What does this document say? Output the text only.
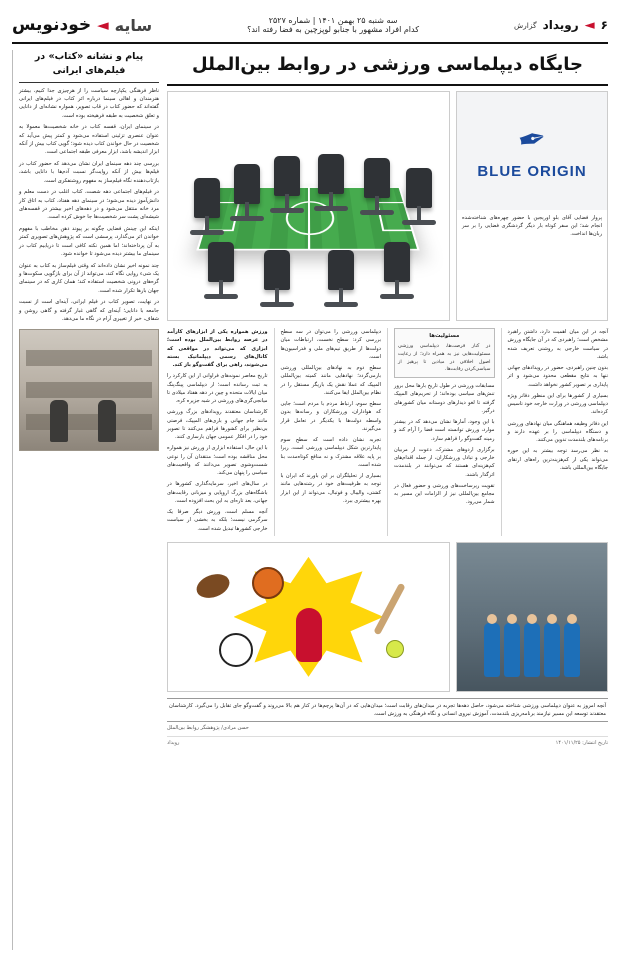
۶
◄
رویداد
گزارش
سه شنبه ۲۵ بهمن ۱۴۰۱ | شماره ۲۵۲۷
کدام افراد مشهور با جنابو لوپزچین به فضا رفته اند؟
سایه
◄
خودنویس
جایگاه دیپلماسی ورزشی در روابط بین‌الملل
✒
BLUE ORIGIN
پرواز فضایی آقای بلو اوریجین با حضور چهره‌های شناخته‌شده انجام شد؛ این سفر کوتاه بار دیگر گردشگری فضایی را بر سر زبان‌ها انداخت.

ورزش همواره یکی از ابزارهای کارآمد در عرصه روابط بین‌الملل بوده است؛ ابزاری که می‌تواند در مواقعی که کانال‌های رسمی دیپلماتیک بسته می‌شوند، راهی برای گفت‌وگو باز کند.

تاریخ معاصر نمونه‌های فراوانی از این کارکرد را به ثبت رسانده است؛ از دیپلماسی پینگ‌پنگ میان ایالات متحده و چین در دهه هفتاد میلادی تا میانجی‌گری‌های ورزشی در شبه جزیره کره.

کارشناسان معتقدند رویدادهای بزرگ ورزشی مانند جام جهانی و بازی‌های المپیک، فرصتی بی‌نظیر برای کشورها فراهم می‌کنند تا تصویر خود را در افکار عمومی جهان بازسازی کنند.

با این حال، استفاده ابزاری از ورزش نیز همواره محل مناقشه بوده است؛ منتقدان آن را نوعی شست‌وشوی تصویر می‌دانند که واقعیت‌های سیاسی را پنهان می‌کند.

در سال‌های اخیر، سرمایه‌گذاری کشورها در باشگاه‌های بزرگ اروپایی و میزبانی رقابت‌های جهانی، بعد تازه‌ای به این بحث افزوده است.

آنچه مسلم است، ورزش دیگر صرفا یک سرگرمی نیست؛ بلکه به بخشی از سیاست خارجی کشورها تبدیل شده است.

دیپلماسی ورزشی را می‌توان در سه سطح بررسی کرد: سطح نخست، ارتباطات میان دولت‌ها از طریق تیم‌های ملی و فدراسیون‌ها است.

سطح دوم به نهادهای بین‌المللی ورزشی بازمی‌گردد؛ نهادهایی مانند کمیته بین‌المللی المپیک که عملا نقش یک بازیگر مستقل را در نظام بین‌الملل ایفا می‌کنند.

سطح سوم، ارتباط مردم با مردم است؛ جایی که هواداران، ورزشکاران و رسانه‌ها بدون واسطه دولت‌ها با یکدیگر در تعامل قرار می‌گیرند.

تجربه نشان داده است که سطح سوم پایدارترین شکل دیپلماسی ورزشی است، زیرا بر پایه علاقه مشترک و نه منافع کوتاه‌مدت بنا شده است.

بسیاری از تحلیلگران بر این باورند که ایران با توجه به ظرفیت‌های خود در رشته‌هایی مانند کشتی، والیبال و فوتبال، می‌تواند از این ابزار بهره بیشتری ببرد.

مسئولیت‌ها
در کنار فرصت‌ها، دیپلماسی ورزشی مسئولیت‌هایی نیز به همراه دارد؛ از رعایت اصول اخلاقی در میادین تا پرهیز از سیاسی‌کردن رقابت‌ها.

مسابقات ورزشی در طول تاریخ بارها محل بروز تنش‌های سیاسی بوده‌اند؛ از تحریم‌های المپیک گرفته تا لغو دیدارهای دوستانه میان کشورهای درگیر.

با این وجود، آمارها نشان می‌دهد که در بیشتر موارد، ورزش توانسته است فضا را آرام کند و زمینه گفت‌وگو را فراهم سازد.

برگزاری اردوهای مشترک، دعوت از مربیان خارجی و تبادل ورزشکاران، از جمله اقدام‌های کم‌هزینه‌ای هستند که می‌توانند در بلندمدت اثرگذار باشند.

تقویت زیرساخت‌های ورزشی و حضور فعال در مجامع بین‌المللی نیز از الزامات این مسیر به شمار می‌رود.

آنچه در این میان اهمیت دارد، داشتن راهبرد مشخص است؛ راهبردی که در آن جایگاه ورزش در سیاست خارجی به روشنی تعریف شده باشد.

بدون چنین راهبردی، حضور در رویدادهای جهانی تنها به نتایج مقطعی محدود می‌شود و اثر پایداری بر تصویر کشور نخواهد داشت.

بسیاری از کشورها برای این منظور دفاتر ویژه دیپلماسی ورزشی در وزارت خارجه خود تاسیس کرده‌اند.

این دفاتر وظیفه هماهنگی میان نهادهای ورزشی و دستگاه دیپلماسی را بر عهده دارند و برنامه‌های بلندمدت تدوین می‌کنند.

به نظر می‌رسد توجه بیشتر به این حوزه می‌تواند یکی از کم‌هزینه‌ترین راه‌های ارتقای جایگاه بین‌المللی باشد.

آنچه امروز به عنوان دیپلماسی ورزشی شناخته می‌شود، حاصل دهه‌ها تجربه در میدان‌های رقابت است؛ میدان‌هایی که در آن‌ها پرچم‌ها در کنار هم بالا می‌روند و گفت‌وگو جای تقابل را می‌گیرد. کارشناسان معتقدند توسعه این مسیر نیازمند برنامه‌ریزی بلندمدت، آموزش نیروی انسانی و نگاه فرهنگی به ورزش است.
حسن مرادی/ پژوهشگر روابط بین‌الملل
تاریخ انتشار: ۱۴۰۱/۱۱/۲۵
رویداد
پیام و نشانه «کتاب» در فیلم‌های ایرانی

ناظر فرهنگی یکپارچه سیاست را از هرچیزی جدا کنیم، بیشتر هنرمندان و اهالی سینما درباره اثر کتاب در فیلم‌های ایرانی گفته‌اند که حضور کتاب در قاب تصویر، همواره نشانه‌ای از دانایی و تعلق شخصیت به طبقه فرهیخته بوده است.

در سینمای ایران، قفسه کتاب در خانه شخصیت‌ها معمولا به عنوان عنصری تزئینی استفاده می‌شود و کمتر پیش می‌آید که شخصیت در حال خواندن کتاب دیده شود؛ گویی کتاب بیش از آنکه ابزار اندیشه باشد، ابزار معرفی طبقه اجتماعی است.

بررسی چند دهه سینمای ایران نشان می‌دهد که حضور کتاب در فیلم‌ها بیش از آنکه روایت‌گر نسبت آدم‌ها با دانایی باشد، بازتاب‌دهنده نگاه فیلم‌ساز به مفهوم روشنفکری است.

در فیلم‌های اجتماعی دهه شصت، کتاب اغلب در دست معلم و دانش‌آموز دیده می‌شود؛ در سینمای دهه هفتاد، کتاب به اتاق کار مرد خانه منتقل می‌شود و در دهه‌های اخیر بیشتر در قفسه‌های شیشه‌ای پشت سر شخصیت‌ها جا خوش کرده است.

اینکه این چینش فضایی چگونه بر پیوند ذهن مخاطب با مفهوم خواندن اثر می‌گذارد، پرسشی است که پژوهش‌های تصویری کمتر به آن پرداخته‌اند؛ اما همین نکته کافی است تا دریابیم کتاب در سینمای ما بیشتر دیده می‌شود تا خوانده شود.

چند نمونه اخیر نشان داده‌اند که وقتی فیلم‌ساز به کتاب به عنوان یک شیء روایی نگاه کند، می‌تواند از آن برای بازگویی سکوت‌ها و گره‌های درونی شخصیت استفاده کند؛ همان کاری که در سینمای جهان بارها تکرار شده است.

در نهایت، تصویر کتاب در فیلم ایرانی، آینه‌ای است از نسبت جامعه با دانایی؛ آینه‌ای که گاهی غبار گرفته و گاهی روشن و شفاف، خبر از تغییری آرام در نگاه ما می‌دهد.
